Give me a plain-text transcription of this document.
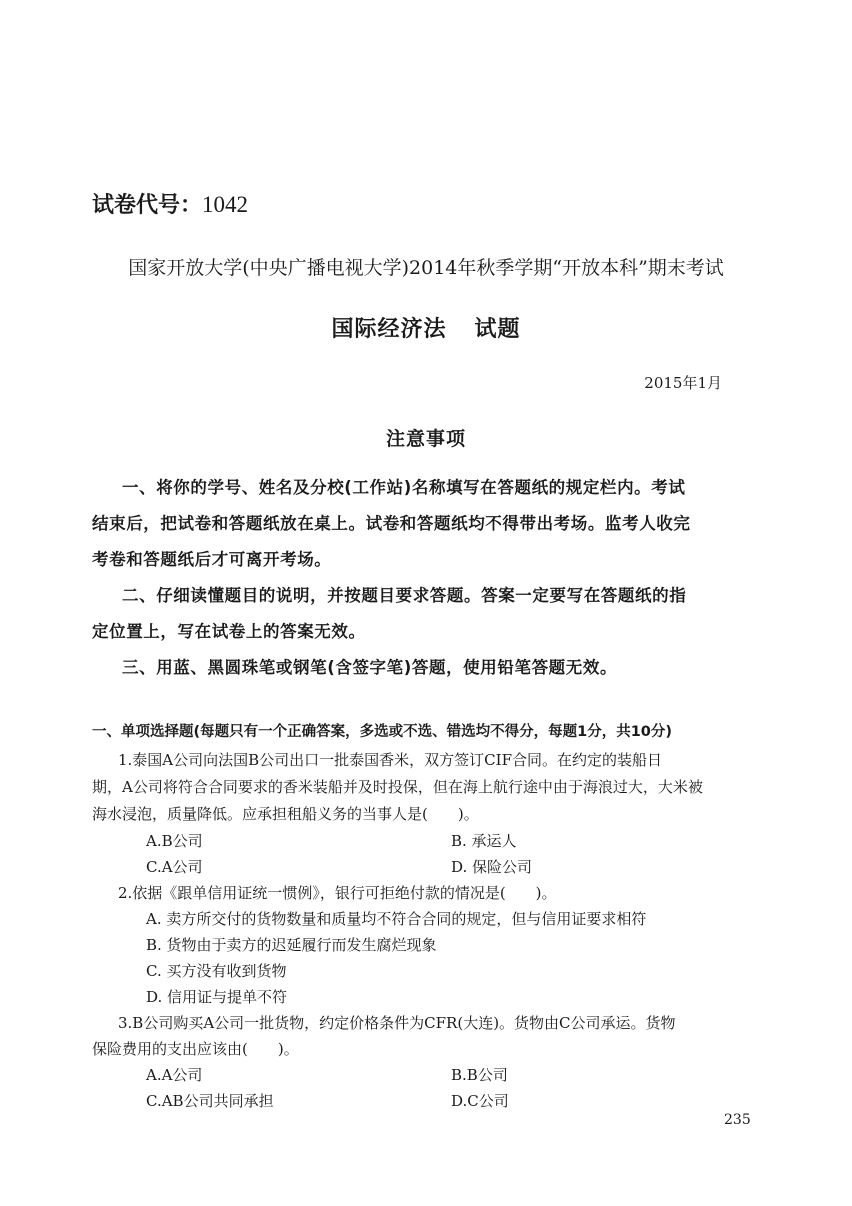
试卷代号：1042
国家开放大学(中央广播电视大学)2014年秋季学期“开放本科”期末考试
国际经济法 试题
2015年1月
注意事项
一、将你的学号、姓名及分校(工作站)名称填写在答题纸的规定栏内。考试
结束后，把试卷和答题纸放在桌上。试卷和答题纸均不得带出考场。监考人收完
考卷和答题纸后才可离开考场。
二、仔细读懂题目的说明，并按题目要求答题。答案一定要写在答题纸的指
定位置上，写在试卷上的答案无效。
三、用蓝、黑圆珠笔或钢笔(含签字笔)答题，使用铅笔答题无效。
一、单项选择题(每题只有一个正确答案，多选或不选、错选均不得分，每题1分，共10分)
1.泰国A公司向法国B公司出口一批泰国香米，双方签订CIF合同。在约定的装船日
期，A公司将符合合同要求的香米装船并及时投保，但在海上航行途中由于海浪过大，大米被
海水浸泡，质量降低。应承担租船义务的当事人是(　　)。
A.B公司	B. 承运人
C.A公司	D. 保险公司
2.依据《跟单信用证统一惯例》，银行可拒绝付款的情况是(　　)。
A. 卖方所交付的货物数量和质量均不符合合同的规定，但与信用证要求相符
B. 货物由于卖方的迟延履行而发生腐烂现象
C. 买方没有收到货物
D. 信用证与提单不符
3.B公司购买A公司一批货物，约定价格条件为CFR(大连)。货物由C公司承运。货物
保险费用的支出应该由(　　)。
A.A公司	B.B公司
C.AB公司共同承担	D.C公司
235
